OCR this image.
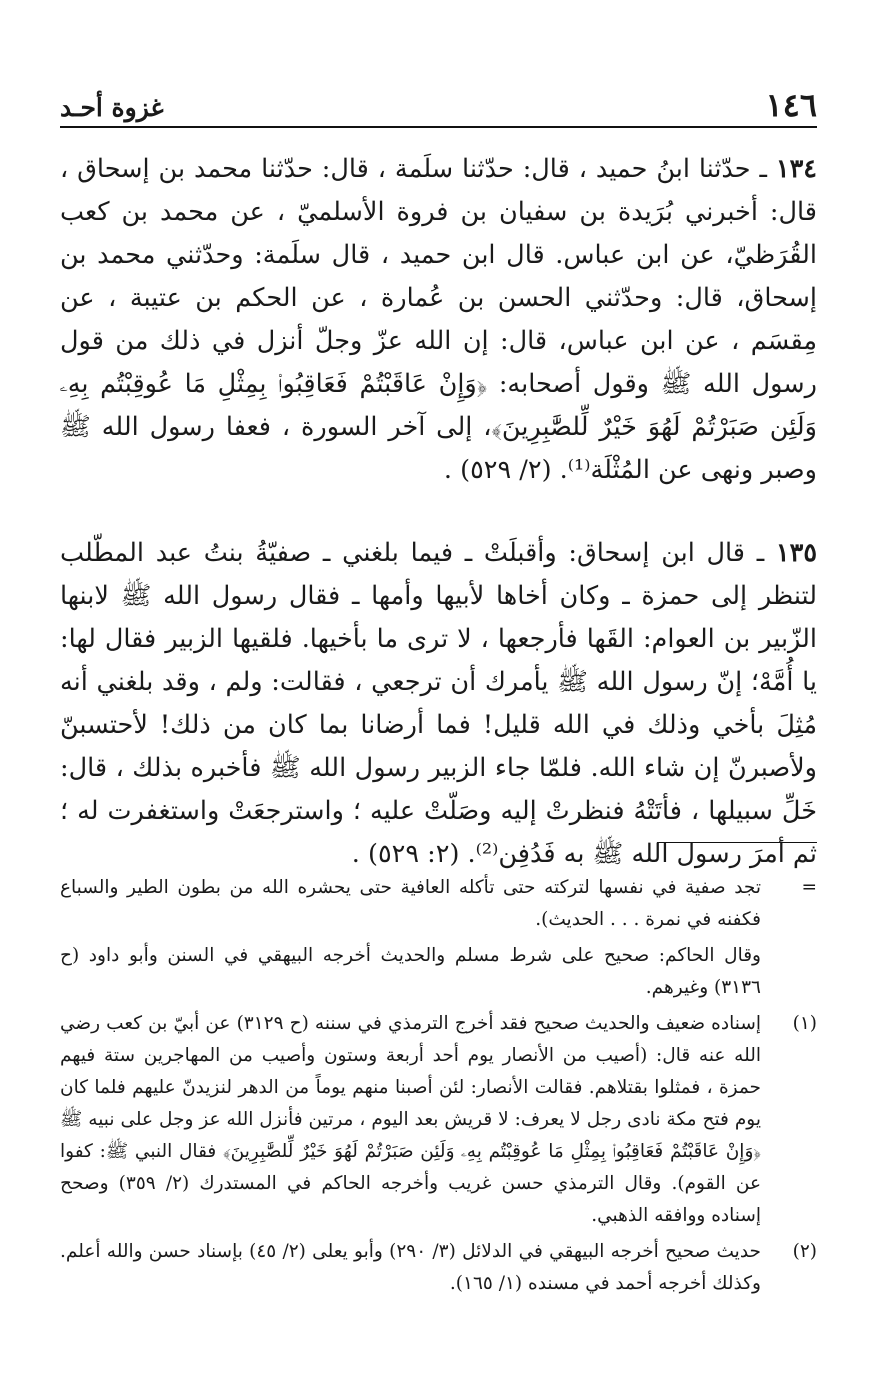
١٤٦
غزوة أحـد

١٣٤ ـ حدّثنا ابنُ حميد ، قال: حدّثنا سلَمة ، قال: حدّثنا محمد بن إسحاق ، قال: أخبرني بُرَيدة بن سفيان بن فروة الأسلميّ ، عن محمد بن كعب القُرَظيّ، عن ابن عباس. قال ابن حميد ، قال سلَمة: وحدّثني محمد بن إسحاق، قال: وحدّثني الحسن بن عُمارة ، عن الحكم بن عتيبة ، عن مِقسَم ، عن ابن عباس، قال: إن الله عزّ وجلّ أنزل في ذلك من قول رسول الله ﷺ وقول أصحابه: ﴿وَإِنْ عَاقَبْتُمْ فَعَاقِبُوا۟ بِمِثْلِ مَا عُوقِبْتُم بِهِۦ وَلَئِن صَبَرْتُمْ لَهُوَ خَيْرٌ لِّلصَّٰبِرِينَ﴾، إلى آخر السورة ، فعفا رسول الله ﷺ وصبر ونهى عن المُثْلَة⁽¹⁾. (٢/ ٥٢٩) .

١٣٥ ـ قال ابن إسحاق: وأقبلَتْ ـ فيما بلغني ـ صفيّةُ بنتُ عبد المطّلب لتنظر إلى حمزة ـ وكان أخاها لأبيها وأمها ـ فقال رسول الله ﷺ لابنها الزّبير بن العوام: القَها فأرجعها ، لا ترى ما بأخيها. فلقيها الزبير فقال لها: يا أُمَّهْ؛ إنّ رسول الله ﷺ يأمرك أن ترجعي ، فقالت: ولم ، وقد بلغني أنه مُثِلَ بأخي وذلك في الله قليل! فما أرضانا بما كان من ذلك! لأحتسبنّ ولأصبرنّ إن شاء الله. فلمّا جاء الزبير رسول الله ﷺ فأخبره بذلك ، قال: خَلِّ سبيلها ، فأتَتْهُ فنظرتْ إليه وصَلّتْ عليه ؛ واسترجعَتْ واستغفرت له ؛ ثم أمرَ رسول الله ﷺ به فَدُفِن⁽²⁾. (٢: ٥٢٩) .

=
تجد صفية في نفسها لتركته حتى تأكله العافية حتى يحشره الله من بطون الطير والسباع فكفنه في نمرة . . . الحديث).

وقال الحاكم: صحيح على شرط مسلم والحديث أخرجه البيهقي في السنن وأبو داود (ح ٣١٣٦) وغيرهم.

(١)
إسناده ضعيف والحديث صحيح فقد أخرج الترمذي في سننه (ح ٣١٢٩) عن أبيّ بن كعب رضي الله عنه قال: (أصيب من الأنصار يوم أحد أربعة وستون وأصيب من المهاجرين ستة فيهم حمزة ، فمثلوا بقتلاهم. فقالت الأنصار: لئن أصبنا منهم يوماً من الدهر لنزيدنّ عليهم فلما كان يوم فتح مكة نادى رجل لا يعرف: لا قريش بعد اليوم ، مرتين فأنزل الله عز وجل على نبيه ﷺ ﴿وَإِنْ عَاقَبْتُمْ فَعَاقِبُوا۟ بِمِثْلِ مَا عُوقِبْتُم بِهِۦ وَلَئِن صَبَرْتُمْ لَهُوَ خَيْرٌ لِّلصَّٰبِرِينَ﴾ فقال النبي ﷺ: كفوا عن القوم). وقال الترمذي حسن غريب وأخرجه الحاكم في المستدرك (٢/ ٣٥٩) وصحح إسناده ووافقه الذهبي.
(٢)
حديث صحيح أخرجه البيهقي في الدلائل (٣/ ٢٩٠) وأبو يعلى (٢/ ٤٥) بإسناد حسن والله أعلم. وكذلك أخرجه أحمد في مسنده (١/ ١٦٥).
